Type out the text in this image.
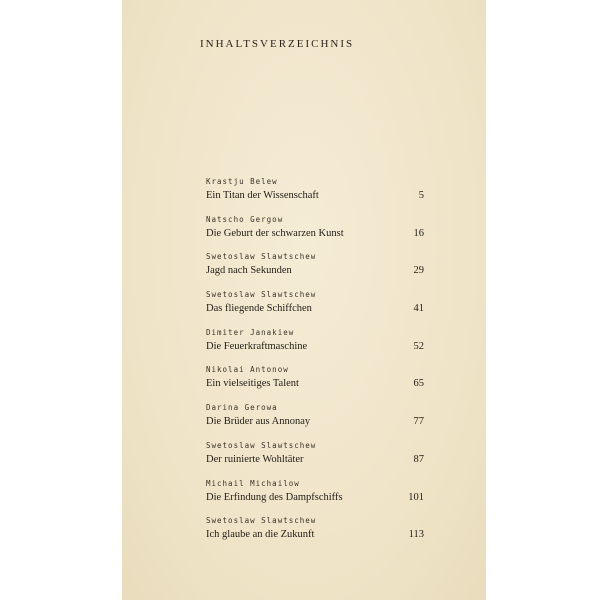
INHALTSVERZEICHNIS
Krastju Belew
Ein Titan der Wissenschaft	5
Natscho Gergow
Die Geburt der schwarzen Kunst	16
Swetoslaw Slawtschew
Jagd nach Sekunden	29
Swetoslaw Slawtschew
Das fliegende Schiffchen	41
Dimiter Janakiew
Die Feuerkraftmaschine	52
Nikolai Antonow
Ein vielseitiges Talent	65
Darina Gerowa
Die Brüder aus Annonay	77
Swetoslaw Slawtschew
Der ruinierte Wohltäter	87
Michail Michailow
Die Erfindung des Dampfschiffs	101
Swetoslaw Slawtschew
Ich glaube an die Zukunft	113
